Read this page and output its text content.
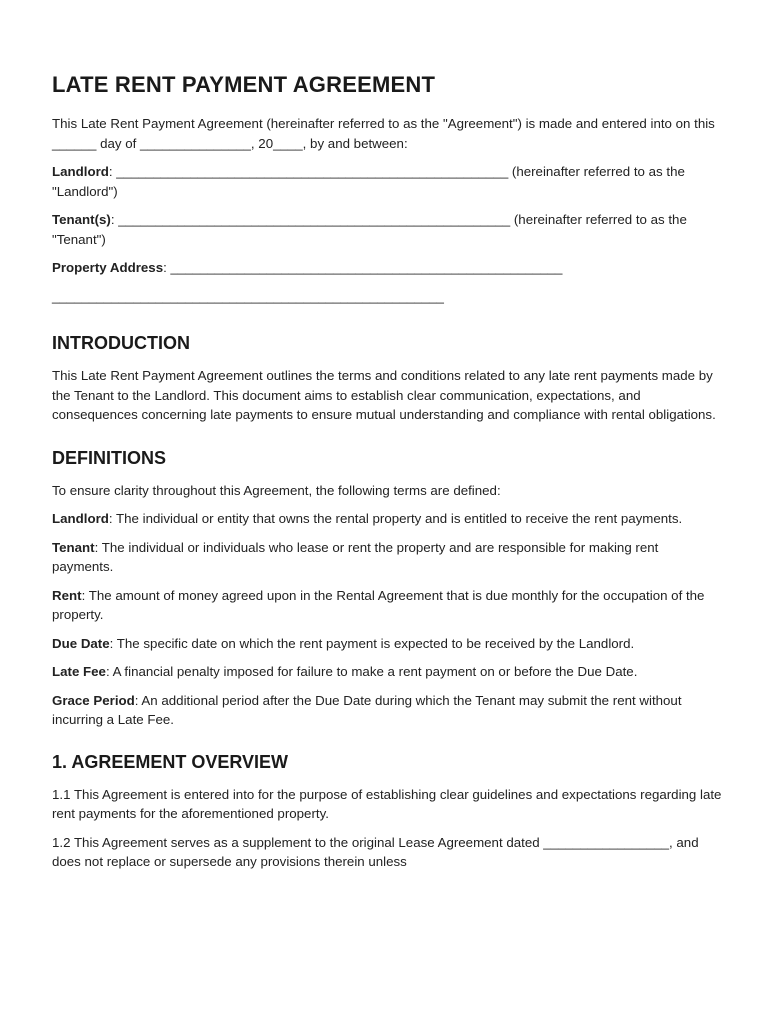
LATE RENT PAYMENT AGREEMENT

This Late Rent Payment Agreement (hereinafter referred to as the "Agreement") is made and entered into on this ______ day of _______________, 20____, by and between:

Landlord: _____________________________________________________ (hereinafter referred to as the "Landlord")

Tenant(s): _____________________________________________________ (hereinafter referred to as the "Tenant")

Property Address: _____________________________________________________

_____________________________________________________

INTRODUCTION

This Late Rent Payment Agreement outlines the terms and conditions related to any late rent payments made by the Tenant to the Landlord. This document aims to establish clear communication, expectations, and consequences concerning late payments to ensure mutual understanding and compliance with rental obligations.

DEFINITIONS

To ensure clarity throughout this Agreement, the following terms are defined:

Landlord: The individual or entity that owns the rental property and is entitled to receive the rent payments.

Tenant: The individual or individuals who lease or rent the property and are responsible for making rent payments.

Rent: The amount of money agreed upon in the Rental Agreement that is due monthly for the occupation of the property.

Due Date: The specific date on which the rent payment is expected to be received by the Landlord.

Late Fee: A financial penalty imposed for failure to make a rent payment on or before the Due Date.

Grace Period: An additional period after the Due Date during which the Tenant may submit the rent without incurring a Late Fee.

1. AGREEMENT OVERVIEW

1.1 This Agreement is entered into for the purpose of establishing clear guidelines and expectations regarding late rent payments for the aforementioned property.

1.2 This Agreement serves as a supplement to the original Lease Agreement dated _________________, and does not replace or supersede any provisions therein unless
